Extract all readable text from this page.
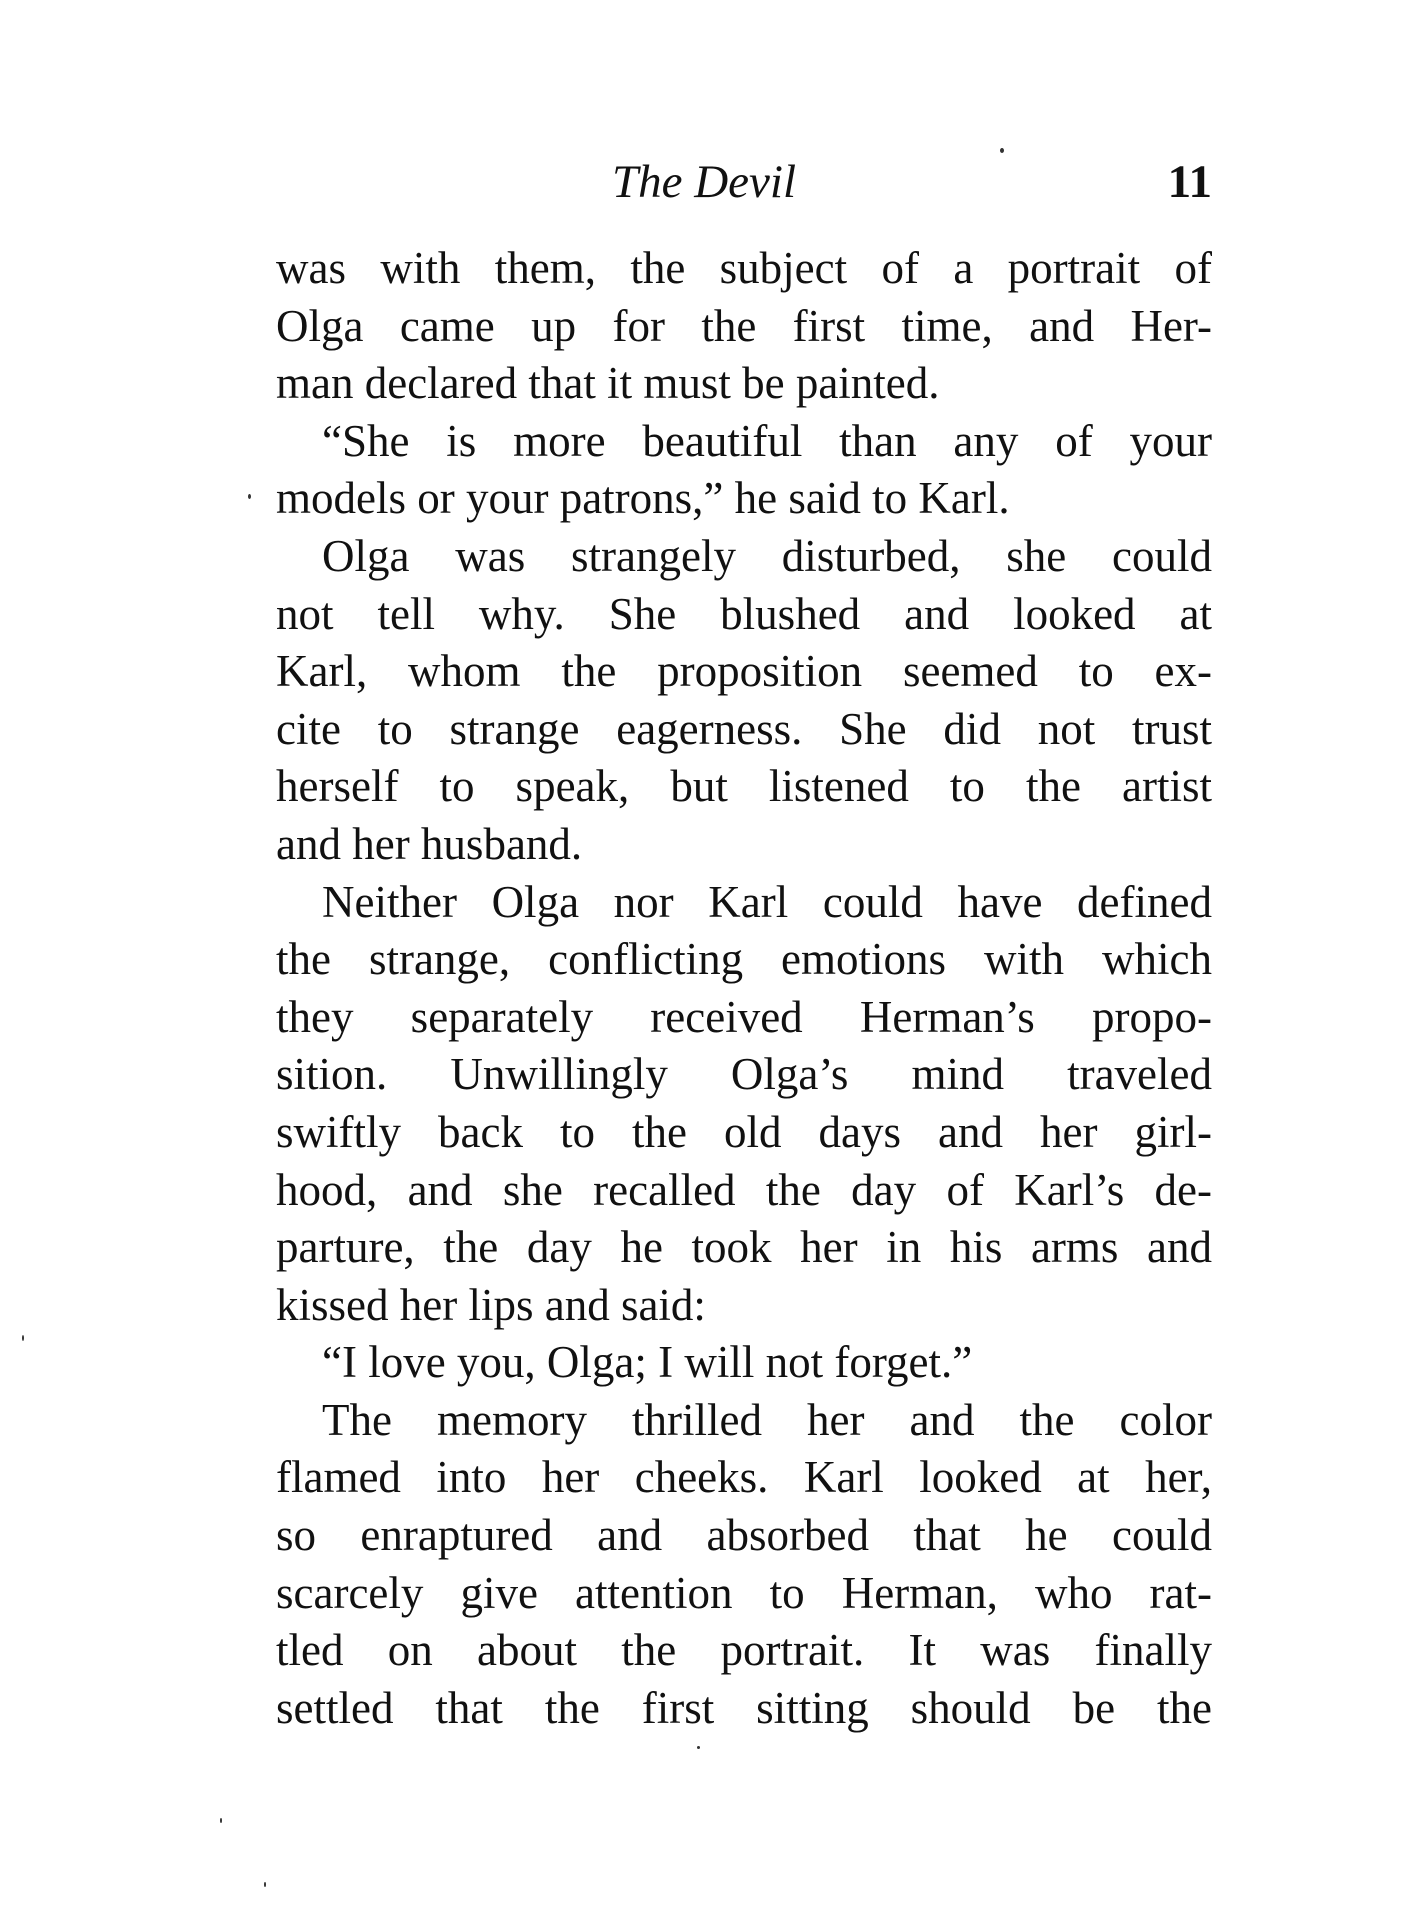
The Devil	11
was with them, the subject of a portrait of
Olga came up for the first time, and Her-
man declared that it must be painted.
“She is more beautiful than any of your
models or your patrons,” he said to Karl.
Olga was strangely disturbed, she could
not tell why. She blushed and looked at
Karl, whom the proposition seemed to ex-
cite to strange eagerness. She did not trust
herself to speak, but listened to the artist
and her husband.
Neither Olga nor Karl could have defined
the strange, conflicting emotions with which
they separately received Herman’s propo-
sition. Unwillingly Olga’s mind traveled
swiftly back to the old days and her girl-
hood, and she recalled the day of Karl’s de-
parture, the day he took her in his arms and
kissed her lips and said:
“I love you, Olga; I will not forget.”
The memory thrilled her and the color
flamed into her cheeks. Karl looked at her,
so enraptured and absorbed that he could
scarcely give attention to Herman, who rat-
tled on about the portrait. It was finally
settled that the first sitting should be the
